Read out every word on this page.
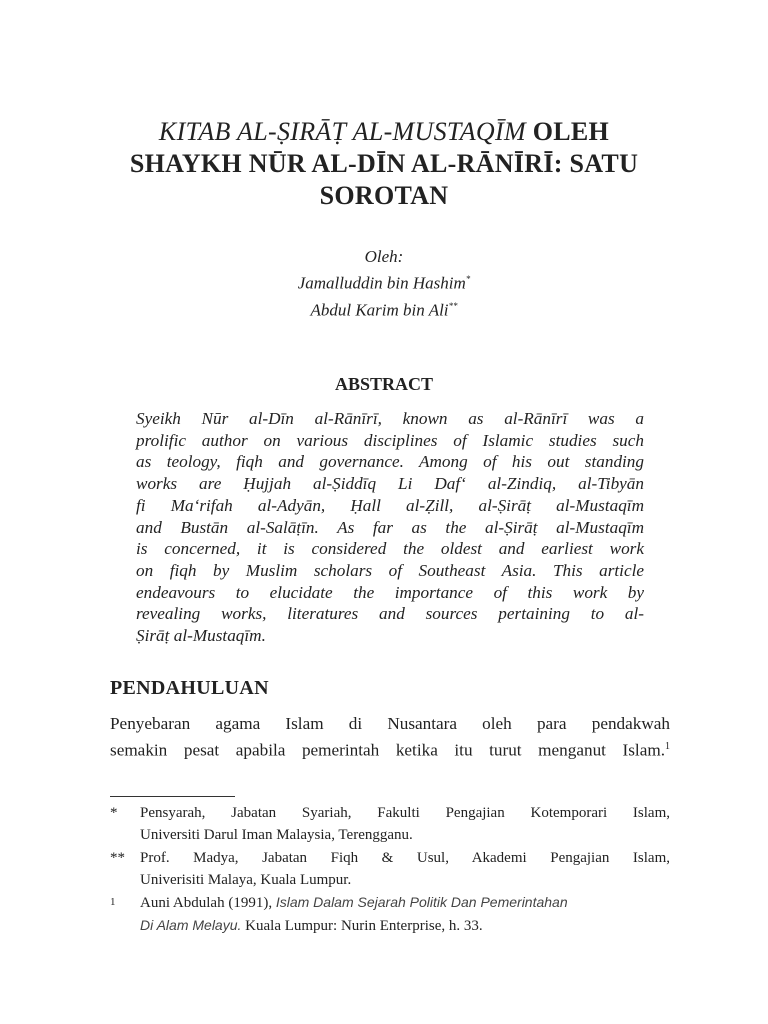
KITAB AL-ṢIRĀṬ AL-MUSTAQĪM OLEH
SHAYKH NŪR AL-DĪN AL-RĀNĪRĪ: SATU
SOROTAN
Oleh:
Jamalluddin bin Hashim*
Abdul Karim bin Ali**
ABSTRACT
Syeikh Nūr al-Dīn al-Rānīrī, known as al-Rānīrī was a
prolific author on various disciplines of Islamic studies such
as teology, fiqh and governance. Among of his out standing
works are Ḥujjah al-Ṣiddīq Li Daf‘ al-Zindiq, al-Tibyān
fi Ma‘rifah al-Adyān, Ḥall al-Ẓill, al-Ṣirāṭ al-Mustaqīm
and Bustān al-Salāṭīn. As far as the al-Ṣirāṭ al-Mustaqīm
is concerned, it is considered the oldest and earliest work
on fiqh by Muslim scholars of Southeast Asia. This article
endeavours to elucidate the importance of this work by
revealing works, literatures and sources pertaining to al-
Ṣirāṭ al-Mustaqīm.
PENDAHULUAN
Penyebaran agama Islam di Nusantara oleh para pendakwah
semakin pesat apabila pemerintah ketika itu turut menganut Islam.$^1$
* Pensyarah, Jabatan Syariah, Fakulti Pengajian Kotemporari Islam,
Universiti Darul Iman Malaysia, Terengganu.
** Prof. Madya, Jabatan Fiqh & Usul, Akademi Pengajian Islam,
Univerisiti Malaya, Kuala Lumpur.
1 Auni Abdulah (1991), Islam Dalam Sejarah Politik Dan Pemerintahan
Di Alam Melayu. Kuala Lumpur: Nurin Enterprise, h. 33.
